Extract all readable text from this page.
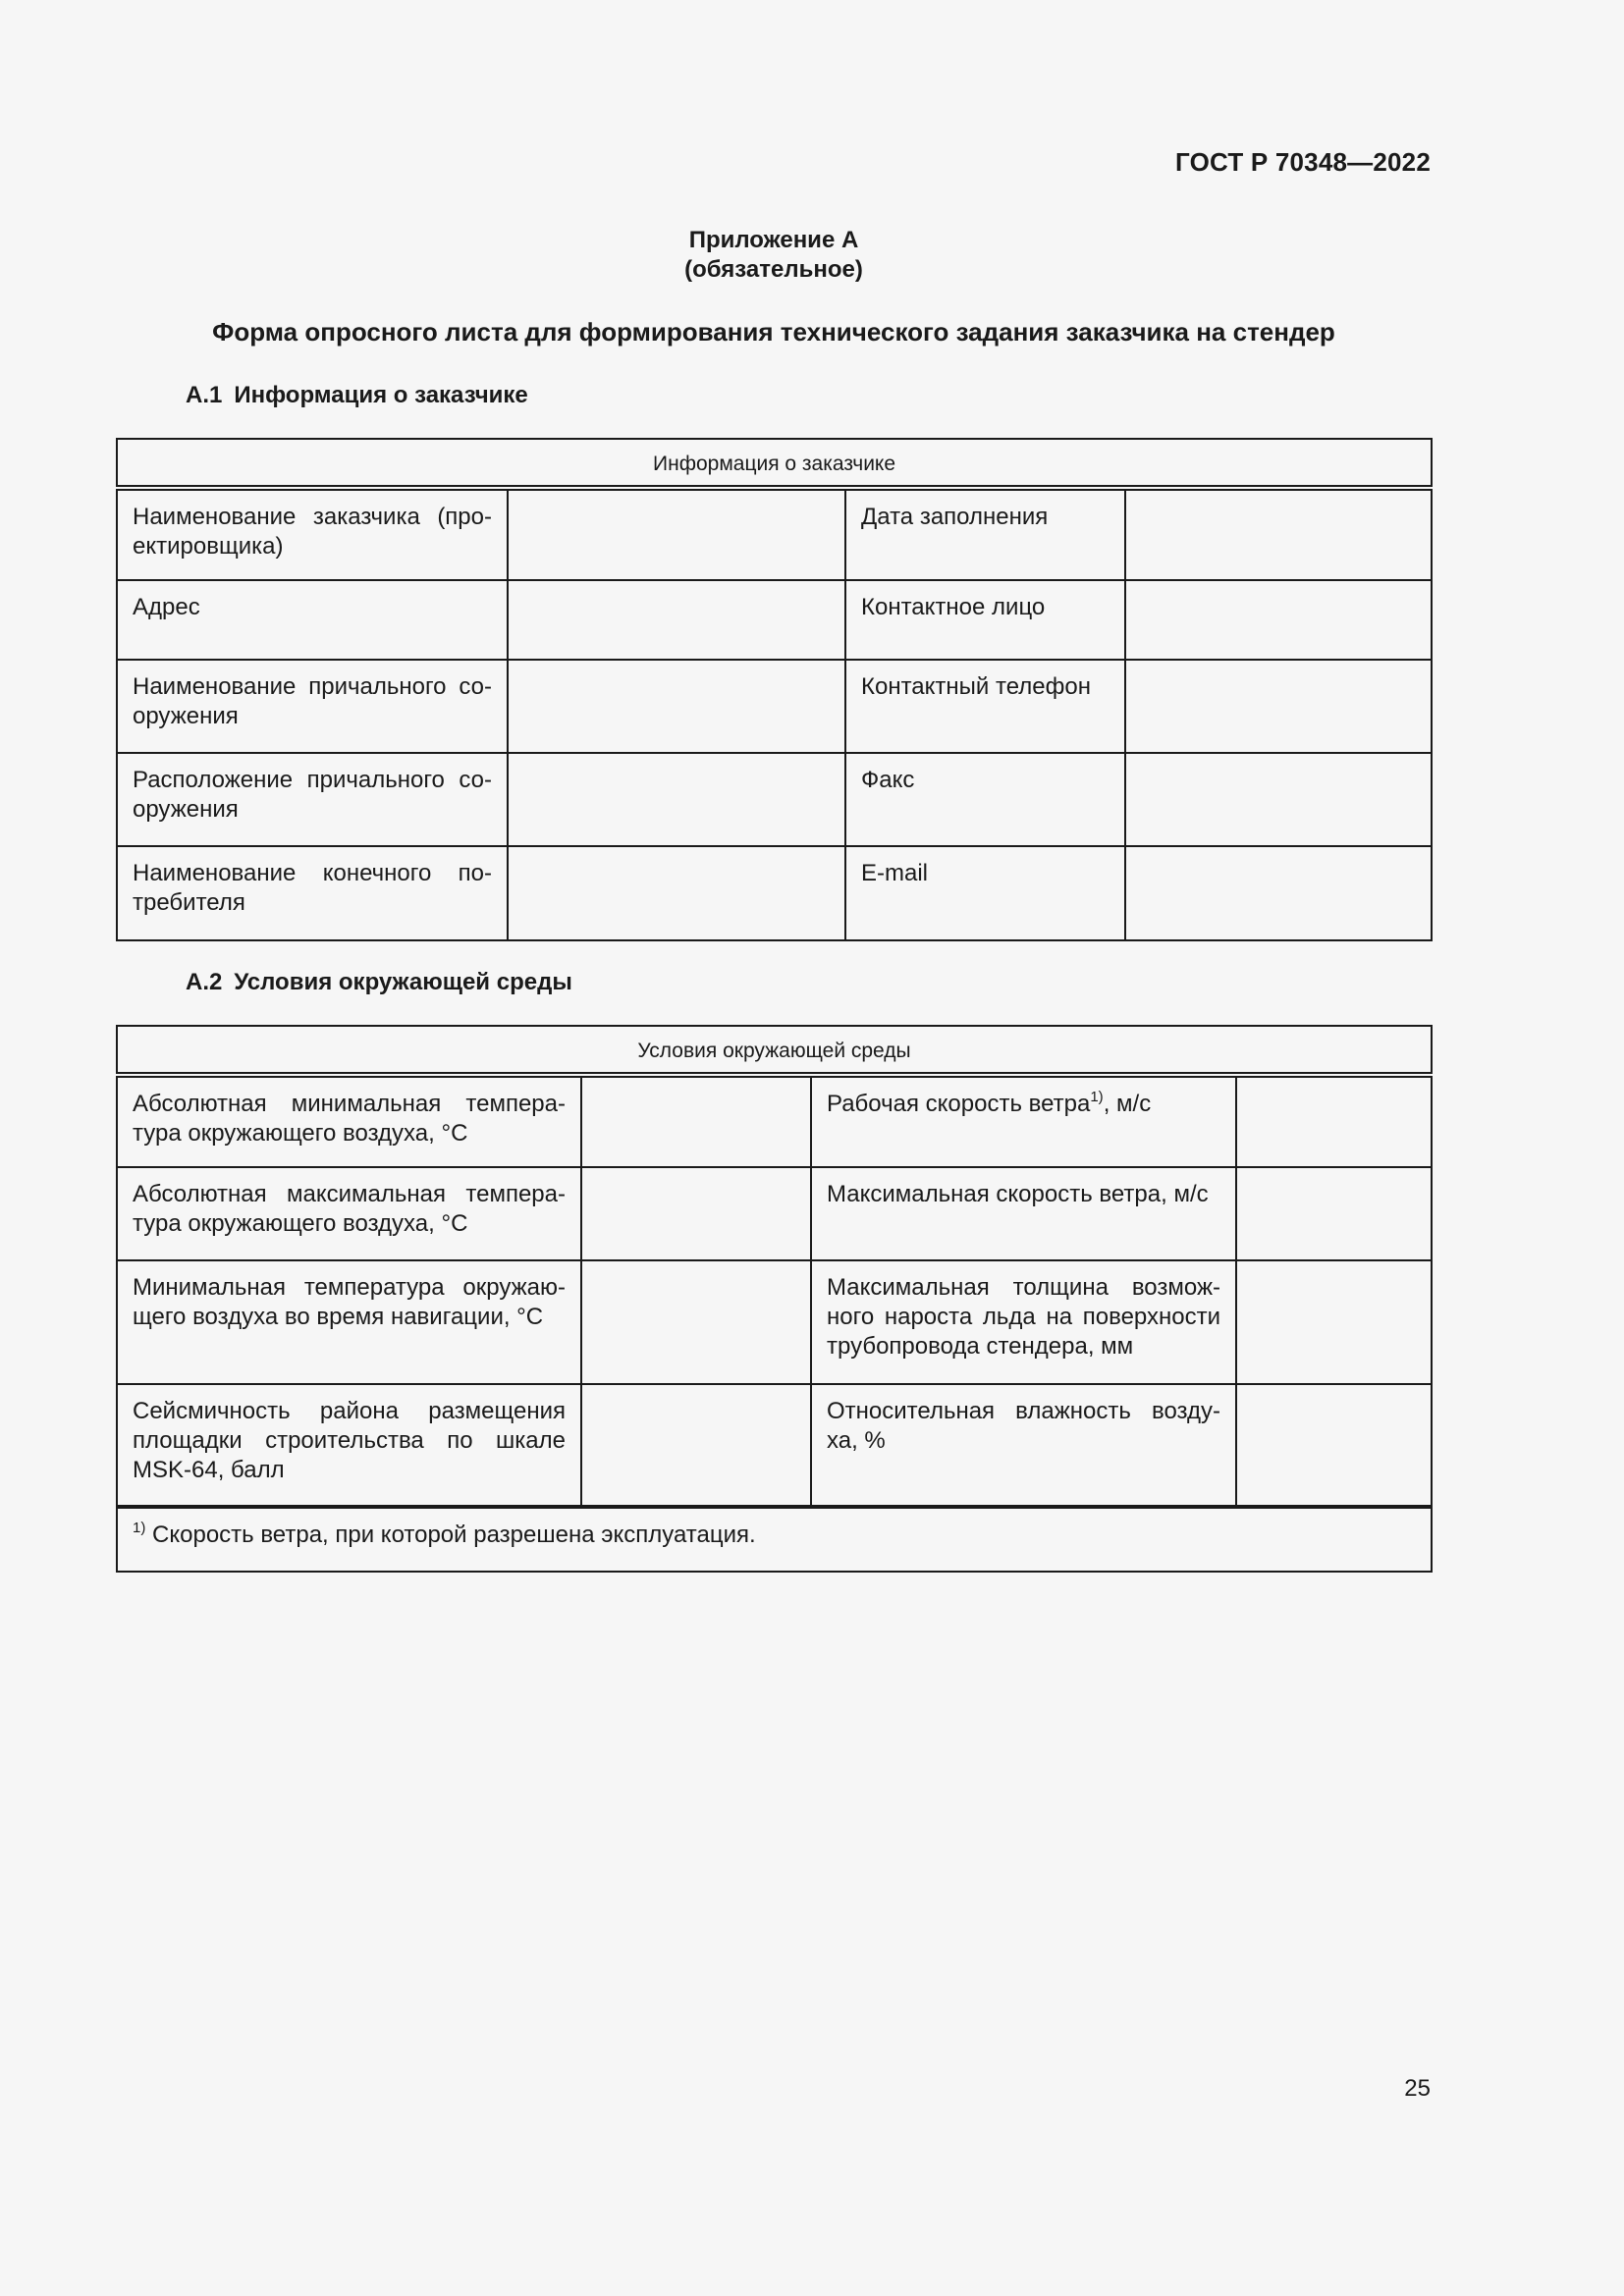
ГОСТ Р 70348—2022
Приложение А
(обязательное)
Форма опросного листа для формирования технического задания заказчика на стендер
А.1 Информация о заказчике
Информация о заказчике			
Наименование заказчика (про-ектировщика)		Дата заполнения	
Адрес		Контактное лицо	
Наименование причального со-оружения		Контактный телефон	
Расположение причального со-оружения		Факс	
Наименование конечного по-требителя		E-mail	
А.2 Условия окружающей среды
Условия окружающей среды			
Абсолютная минимальная темпера-тура окружающего воздуха, °С		Рабочая скорость ветра$^{1)}$, м/с	
Абсолютная максимальная темпера-тура окружающего воздуха, °С		Максимальная скорость ветра, м/с	
Минимальная температура окружаю-щего воздуха во время навигации, °С		Максимальная толщина возмож-ного нароста льда на поверхности трубопровода стендера, мм	
Сейсмичность района размещения площадки строительства по шкале MSK-64, балл		Относительная влажность возду-ха, %	
$^{1)}$ Скорость ветра, при которой разрешена эксплуатация.			
25
